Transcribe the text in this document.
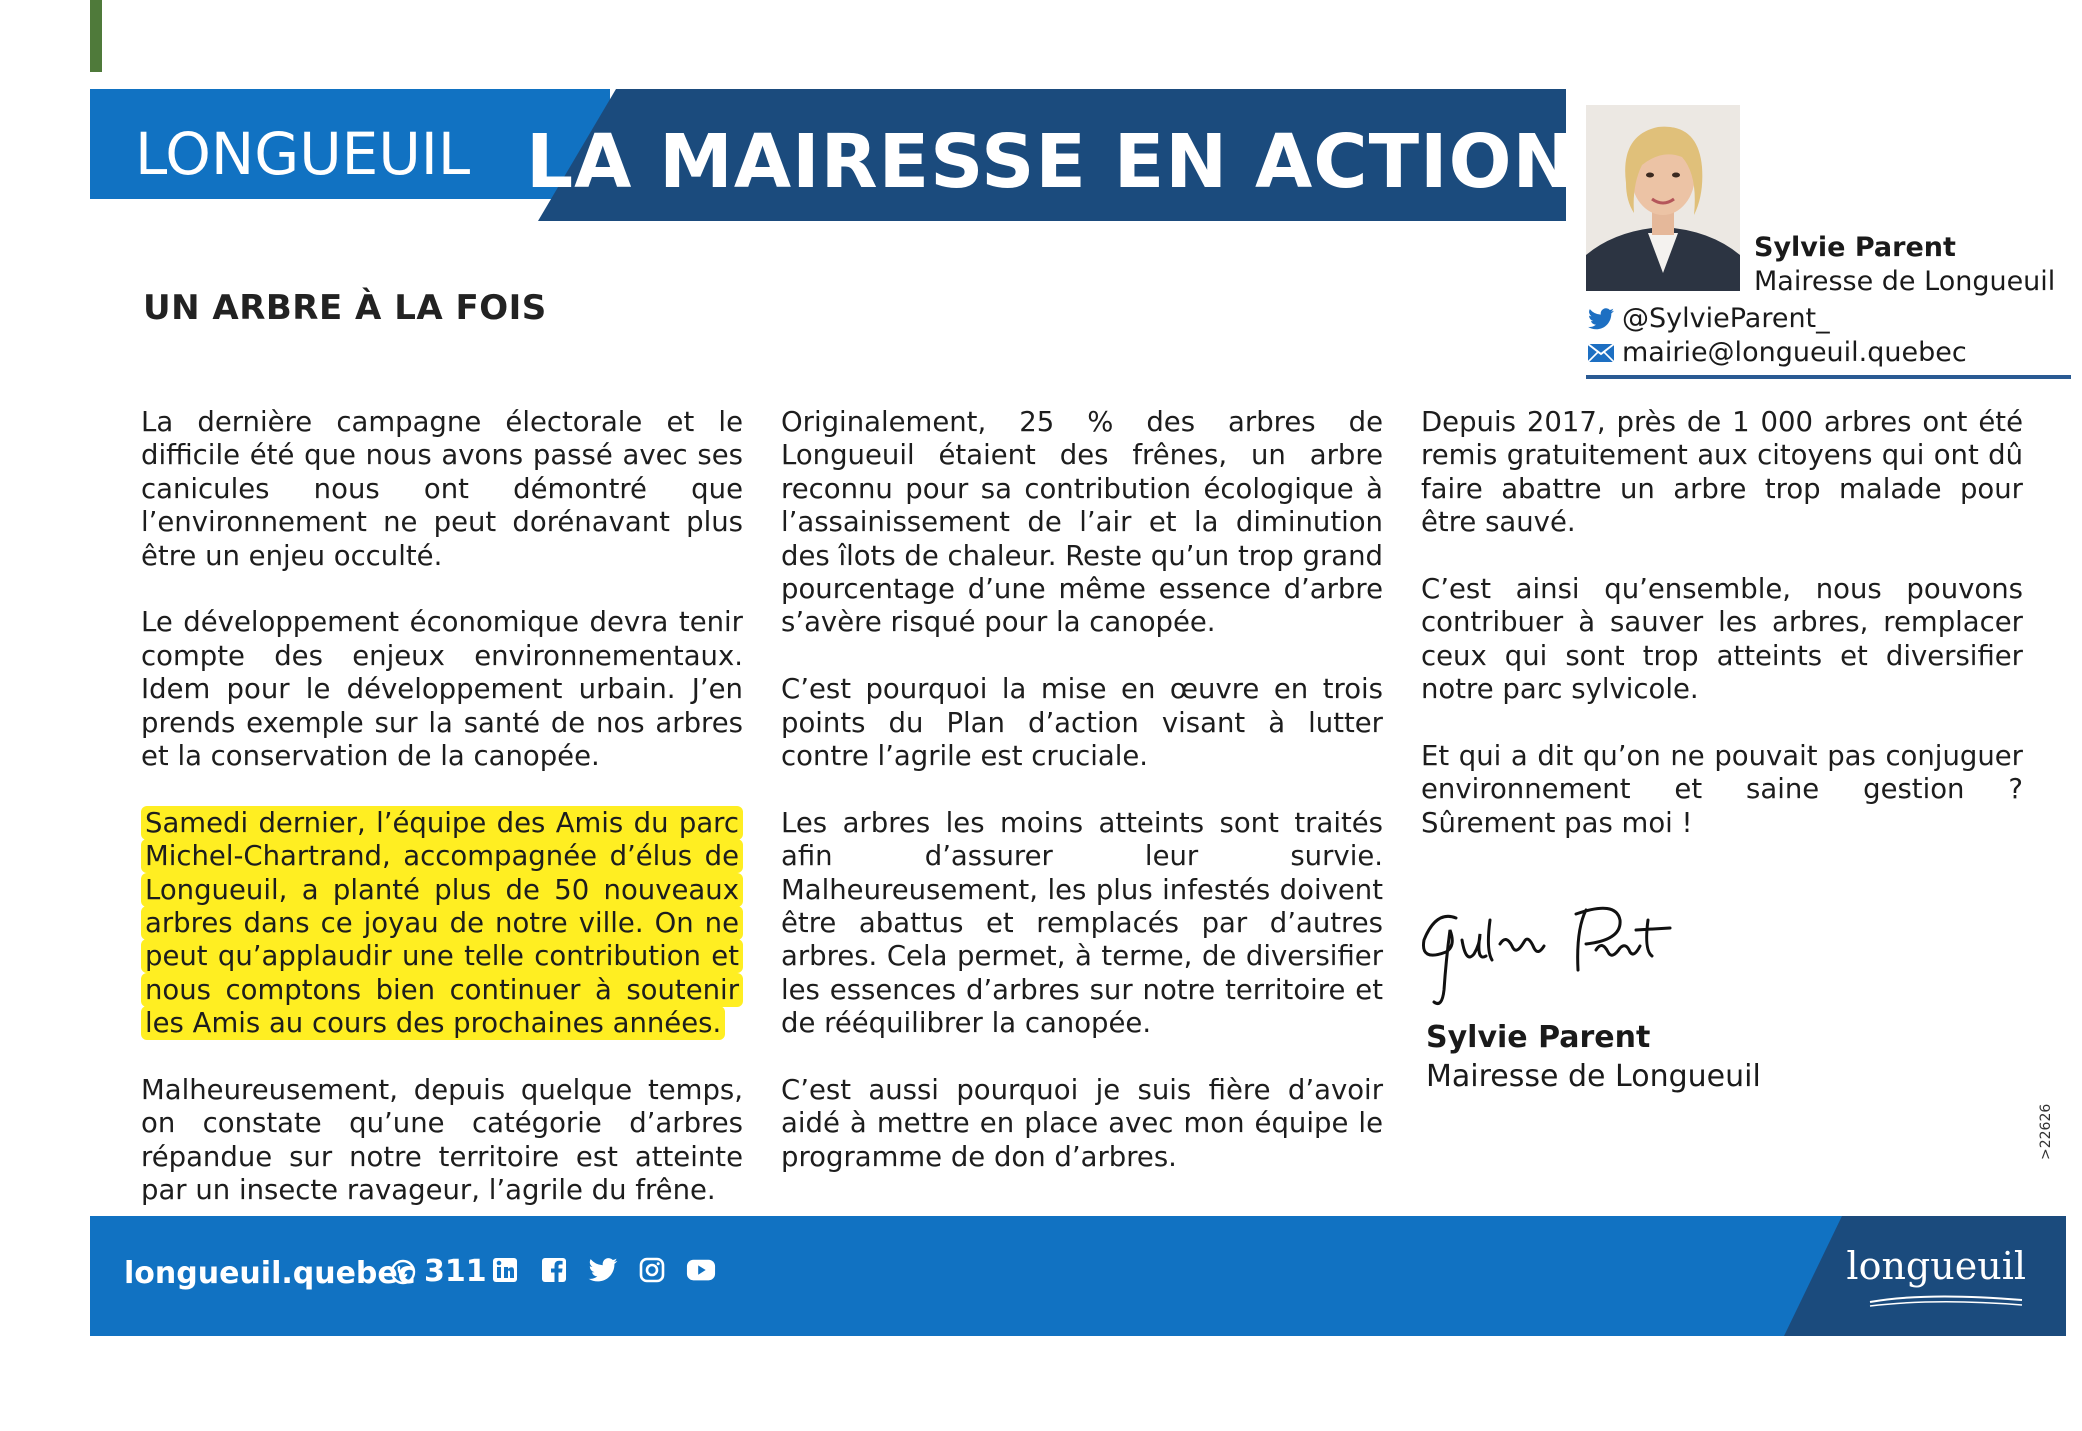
LONGUEUIL LA MAIRESSE EN ACTION
Sylvie Parent
Mairesse de Longueuil
@SylvieParent_
mairie@longueuil.quebec
UN ARBRE À LA FOIS

La dernière campagne électorale et le difficile été que nous avons passé avec ses canicules nous ont démontré que l’environnement ne peut dorénavant plus être un enjeu occulté.

Le développement économique devra tenir compte des enjeux environnementaux. Idem pour le développement urbain. J’en prends exemple sur la santé de nos arbres et la conservation de la canopée.

Samedi dernier, l’équipe des Amis du parc Michel-Chartrand, accompagnée d’élus de Longueuil, a planté plus de 50 nouveaux arbres dans ce joyau de notre ville. On ne peut qu’applaudir une telle contribution et nous comptons bien continuer à soutenir les Amis au cours des prochaines années.

Malheureusement, depuis quelque temps, on constate qu’une catégorie d’arbres répandue sur notre territoire est atteinte par un insecte ravageur, l’agrile du frêne.

Originalement, 25 % des arbres de Longueuil étaient des frênes, un arbre reconnu pour sa contribution écologique à l’assainissement de l’air et la diminution des îlots de chaleur. Reste qu’un trop grand pourcentage d’une même essence d’arbre s’avère risqué pour la canopée.

C’est pourquoi la mise en œuvre en trois points du Plan d’action visant à lutter contre l’agrile est cruciale.

Les arbres les moins atteints sont traités afin d’assurer leur survie. Malheureusement, les plus infestés doivent être abattus et remplacés par d’autres arbres. Cela permet, à terme, de diversifier les essences d’arbres sur notre territoire et de rééquilibrer la canopée.

C’est aussi pourquoi je suis fière d’avoir aidé à mettre en place avec mon équipe le programme de don d’arbres.

Depuis 2017, près de 1 000 arbres ont été remis gratuitement aux citoyens qui ont dû faire abattre un arbre trop malade pour être sauvé.

C’est ainsi qu’ensemble, nous pouvons contribuer à sauver les arbres, remplacer ceux qui sont trop atteints et diversifier notre parc sylvicole.

Et qui a dit qu’on ne pouvait pas conjuguer environnement et saine gestion ? Sûrement pas moi !

Sylvie Parent
Mairesse de Longueuil
>22626
longueuil.quebec 311	longueuil
